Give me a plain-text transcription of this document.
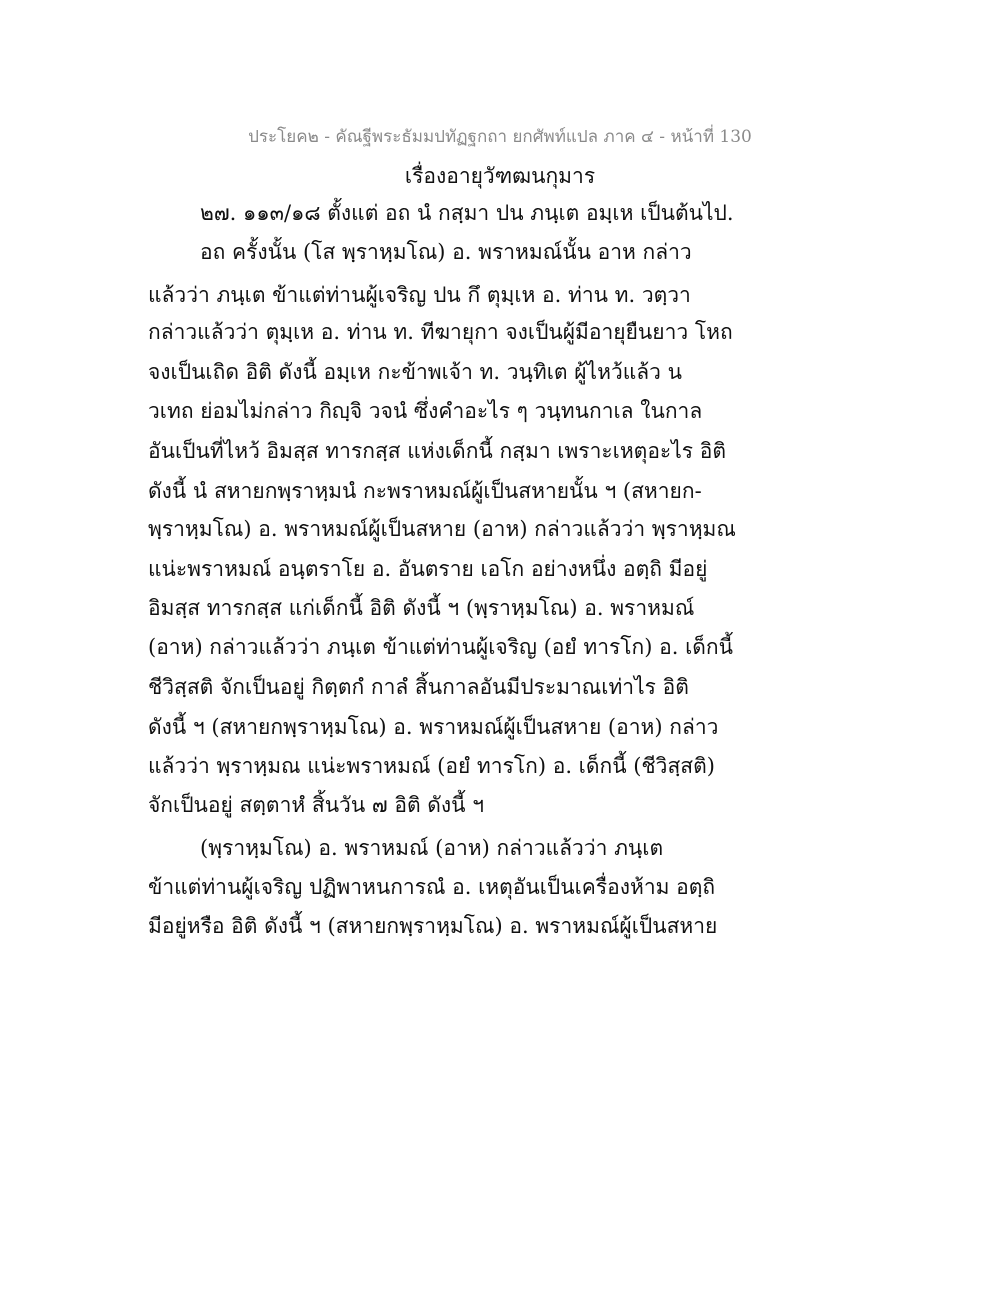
ประโยค๒ - คัณฐีพระธัมมปทัฏฐกถา ยกศัพท์แปล ภาค ๔ - หน้าที่ 130
เรื่องอายุวัฑฒนกุมาร
๒๗. ๑๑๓/๑๘ ตั้งแต่ อถ นํ กสฺมา ปน ภนฺเต อมฺเห เป็นต้นไป.
อถ ครั้งนั้น (โส พฺราหฺมโณ) อ. พราหมณ์นั้น อาห กล่าว
แล้วว่า ภนฺเต ข้าแต่ท่านผู้เจริญ ปน กึ ตุมฺเห อ. ท่าน ท. วตฺวา
กล่าวแล้วว่า ตุมฺเห อ. ท่าน ท. ทีฆายุกา จงเป็นผู้มีอายุยืนยาว โหถ
จงเป็นเถิด อิติ ดังนี้ อมฺเห กะข้าพเจ้า ท. วนฺทิเต ผู้ไหว้แล้ว น
วเทถ ย่อมไม่กล่าว กิญฺจิ วจนํ ซึ่งคำอะไร ๆ วนฺทนกาเล ในกาล
อันเป็นที่ไหว้ อิมสฺส ทารกสฺส แห่งเด็กนี้ กสฺมา เพราะเหตุอะไร อิติ
ดังนี้ นํ สหายกพฺราหฺมนํ กะพราหมณ์ผู้เป็นสหายนั้น ฯ (สหายก-
พฺราหฺมโณ) อ. พราหมณ์ผู้เป็นสหาย (อาห) กล่าวแล้วว่า พฺราหฺมณ
แน่ะพราหมณ์ อนฺตราโย อ. อันตราย เอโก อย่างหนึ่ง อตฺถิ มีอยู่
อิมสฺส ทารกสฺส แก่เด็กนี้ อิติ ดังนี้ ฯ (พฺราหฺมโณ) อ. พราหมณ์
(อาห) กล่าวแล้วว่า ภนฺเต ข้าแต่ท่านผู้เจริญ (อยํ ทารโก) อ. เด็กนี้
ชีวิสฺสติ จักเป็นอยู่ กิตฺตกํ กาลํ สิ้นกาลอันมีประมาณเท่าไร อิติ
ดังนี้ ฯ (สหายกพฺราหฺมโณ) อ. พราหมณ์ผู้เป็นสหาย (อาห) กล่าว
แล้วว่า พฺราหฺมณ แน่ะพราหมณ์ (อยํ ทารโก) อ. เด็กนี้ (ชีวิสฺสติ)
จักเป็นอยู่ สตฺตาหํ สิ้นวัน ๗ อิติ ดังนี้ ฯ
(พฺราหฺมโณ) อ. พราหมณ์ (อาห) กล่าวแล้วว่า ภนฺเต
ข้าแต่ท่านผู้เจริญ ปฏิพาหนการณํ อ. เหตุอันเป็นเครื่องห้าม อตฺถิ
มีอยู่หรือ อิติ ดังนี้ ฯ (สหายกพฺราหฺมโณ) อ. พราหมณ์ผู้เป็นสหาย
